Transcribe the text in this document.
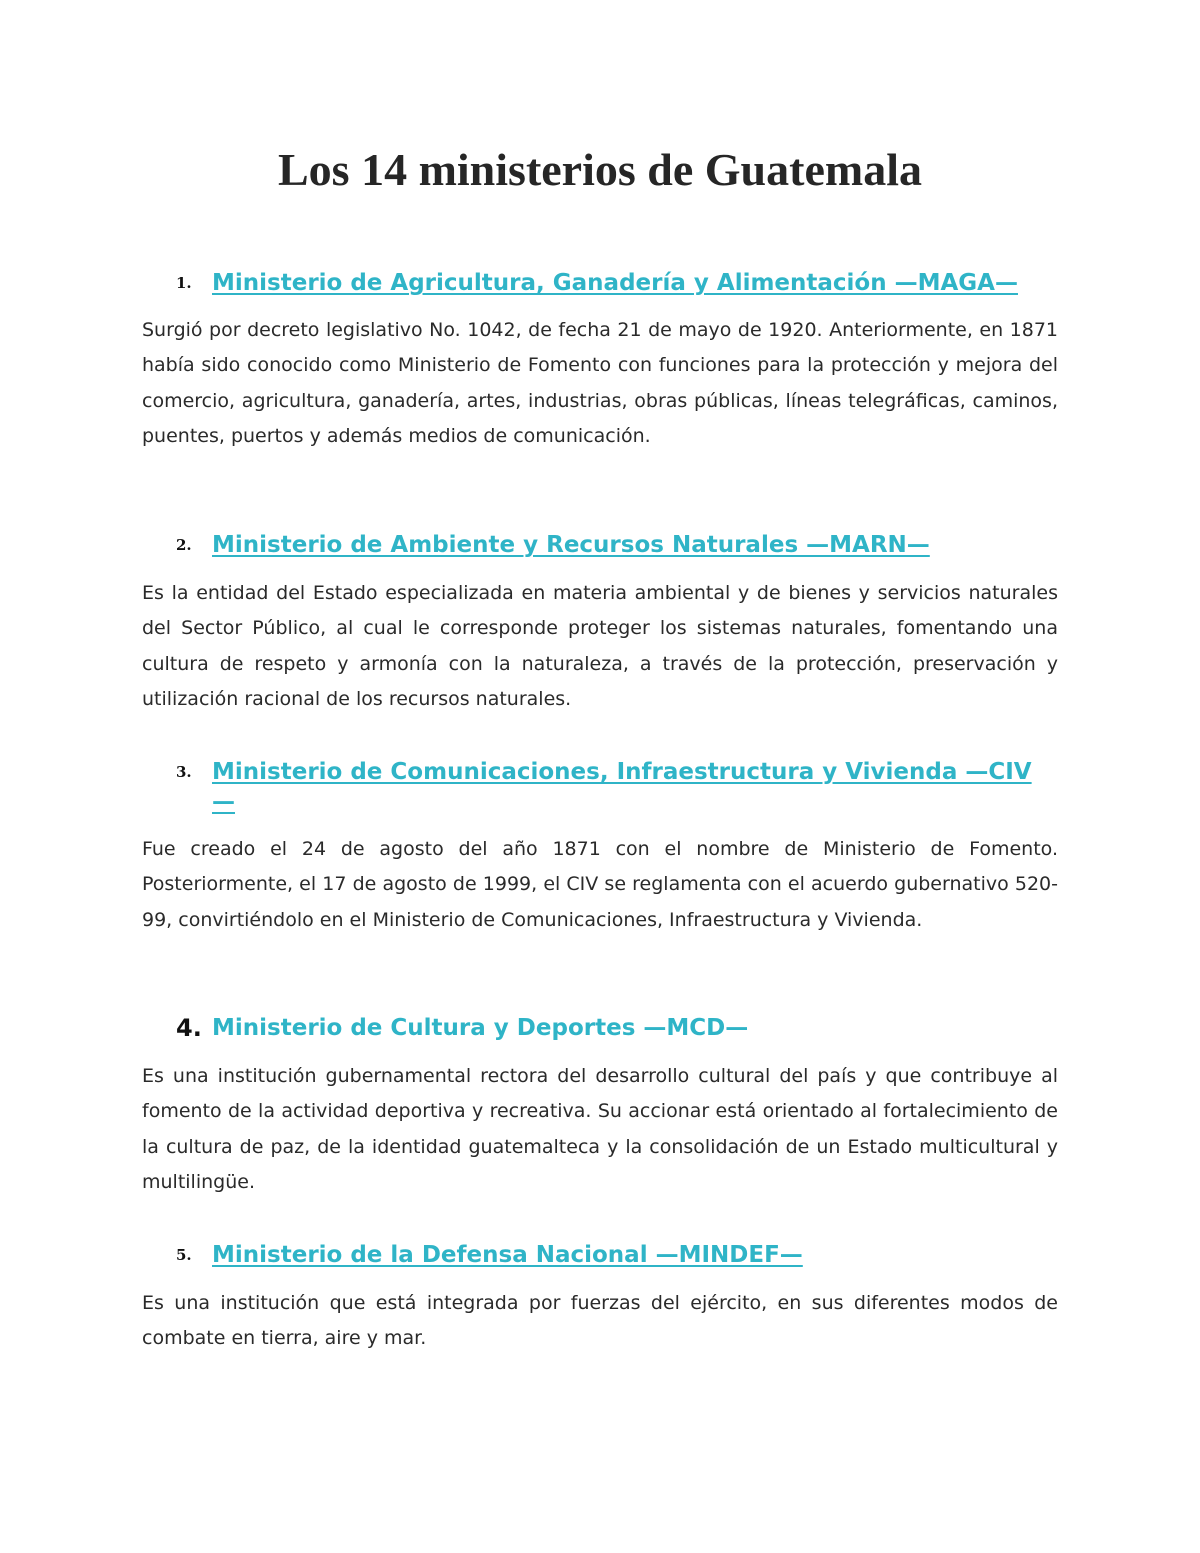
Los 14 ministerios de Guatemala
1. Ministerio de Agricultura, Ganadería y Alimentación —MAGA—

Surgió por decreto legislativo No. 1042, de fecha 21 de mayo de 1920. Anteriormente, en 1871 había sido conocido como Ministerio de Fomento con funciones para la protección y mejora del comercio, agricultura, ganadería, artes, industrias, obras públicas, líneas telegráficas, caminos, puentes, puertos y además medios de comunicación.

2. Ministerio de Ambiente y Recursos Naturales —MARN—

Es la entidad del Estado especializada en materia ambiental y de bienes y servicios naturales del Sector Público, al cual le corresponde proteger los sistemas naturales, fomentando una cultura de respeto y armonía con la naturaleza, a través de la protección, preservación y utilización racional de los recursos naturales.

3. Ministerio de Comunicaciones, Infraestructura y Vivienda —CIV —

Fue creado el 24 de agosto del año 1871 con el nombre de Ministerio de Fomento. Posteriormente, el 17 de agosto de 1999, el CIV se reglamenta con el acuerdo gubernativo 520-99, convirtiéndolo en el Ministerio de Comunicaciones, Infraestructura y Vivienda.

4. Ministerio de Cultura y Deportes —MCD—

Es una institución gubernamental rectora del desarrollo cultural del país y que contribuye al fomento de la actividad deportiva y recreativa. Su accionar está orientado al fortalecimiento de la cultura de paz, de la identidad guatemalteca y la consolidación de un Estado multicultural y multilingüe.

5. Ministerio de la Defensa Nacional —MINDEF—

Es una institución que está integrada por fuerzas del ejército, en sus diferentes modos de combate en tierra, aire y mar.
